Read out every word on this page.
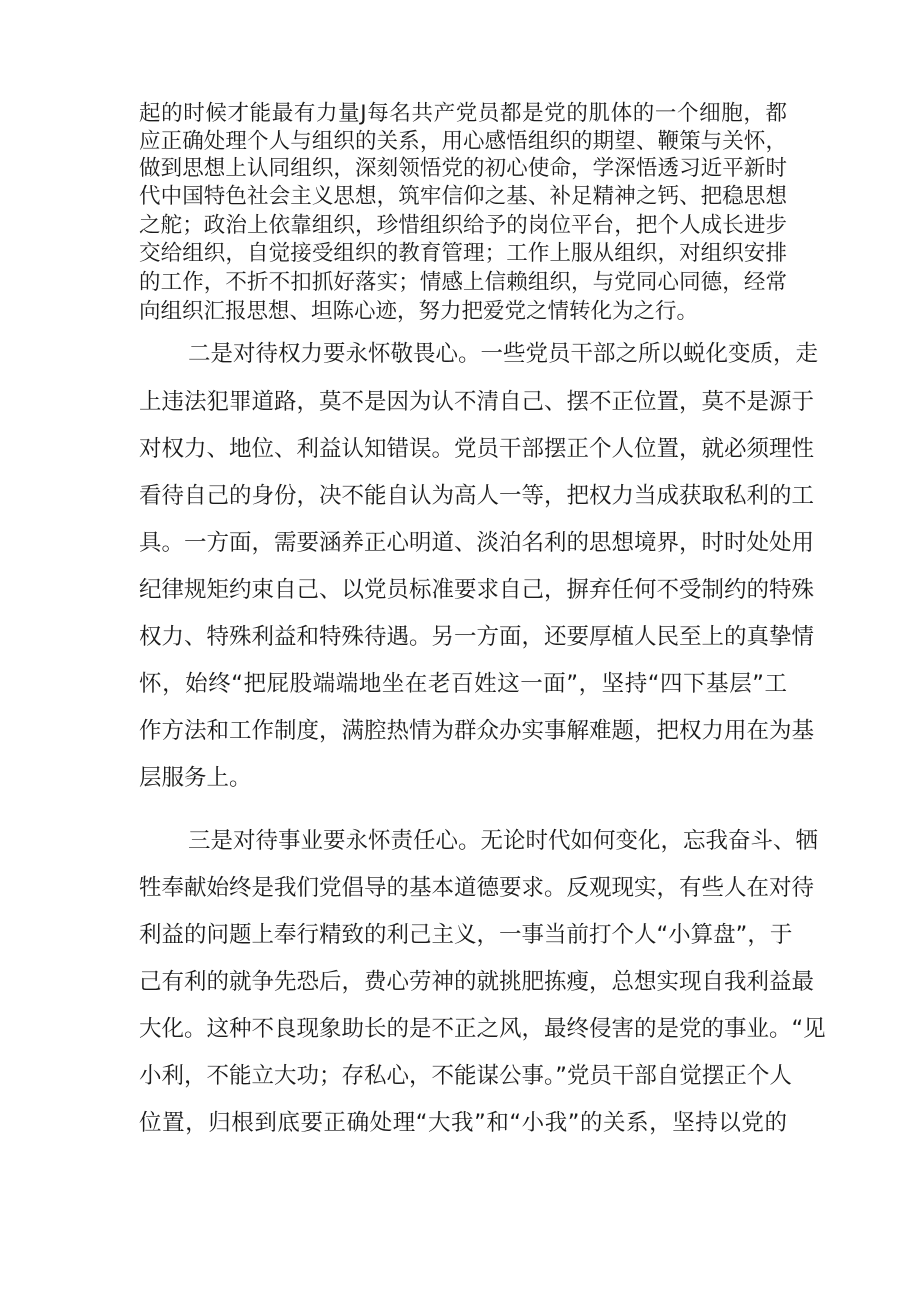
起的时候才能最有力量J每名共产党员都是党的肌体的一个细胞，都
应正确处理个人与组织的关系，用心感悟组织的期望、鞭策与关怀，
做到思想上认同组织，深刻领悟党的初心使命，学深悟透习近平新时
代中国特色社会主义思想，筑牢信仰之基、补足精神之钙、把稳思想
之舵；政治上依靠组织，珍惜组织给予的岗位平台，把个人成长进步
交给组织，自觉接受组织的教育管理；工作上服从组织，对组织安排
的工作，不折不扣抓好落实；情感上信赖组织，与党同心同德，经常
向组织汇报思想、坦陈心迹，努力把爱党之情转化为之行。
二是对待权力要永怀敬畏心。一些党员干部之所以蜕化变质，走
上违法犯罪道路，莫不是因为认不清自己、摆不正位置，莫不是源于
对权力、地位、利益认知错误。党员干部摆正个人位置，就必须理性
看待自己的身份，决不能自认为高人一等，把权力当成获取私利的工
具。一方面，需要涵养正心明道、淡泊名利的思想境界，时时处处用
纪律规矩约束自己、以党员标准要求自己，摒弃任何不受制约的特殊
权力、特殊利益和特殊待遇。另一方面，还要厚植人民至上的真挚情
怀，始终“把屁股端端地坐在老百姓这一面”，坚持“四下基层”工
作方法和工作制度，满腔热情为群众办实事解难题，把权力用在为基
层服务上。
三是对待事业要永怀责任心。无论时代如何变化，忘我奋斗、牺
牲奉献始终是我们党倡导的基本道德要求。反观现实，有些人在对待
利益的问题上奉行精致的利己主义，一事当前打个人“小算盘”，于
己有利的就争先恐后，费心劳神的就挑肥拣瘦，总想实现自我利益最
大化。这种不良现象助长的是不正之风，最终侵害的是党的事业。“见
小利，不能立大功；存私心，不能谋公事。”党员干部自觉摆正个人
位置，归根到底要正确处理“大我”和“小我”的关系，坚持以党的
